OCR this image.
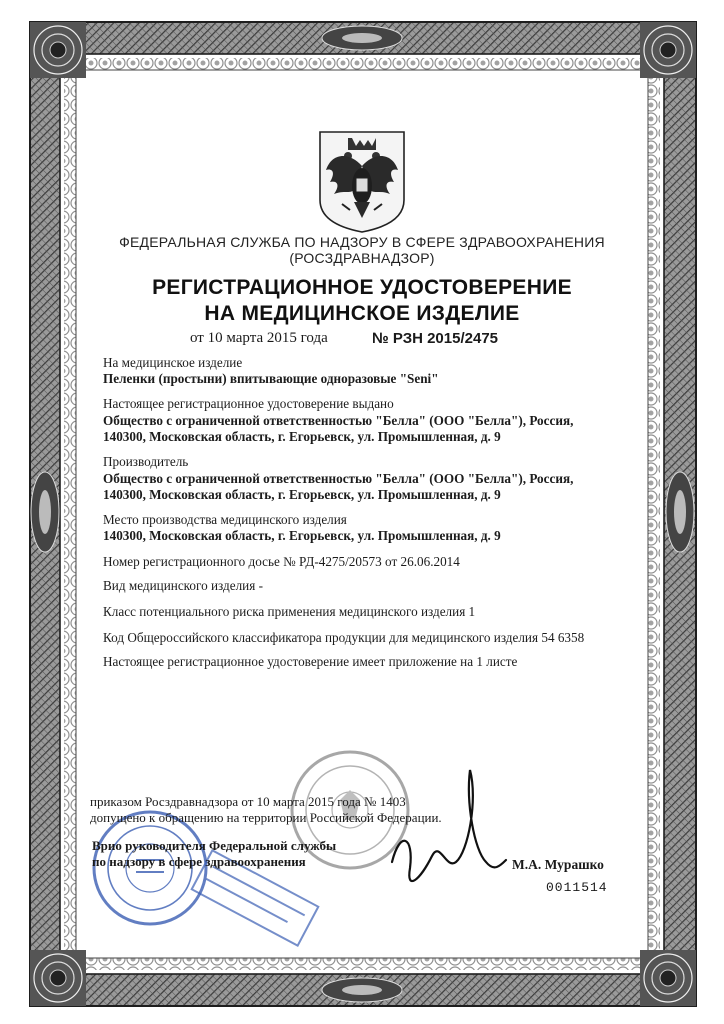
ФЕДЕРАЛЬНАЯ СЛУЖБА ПО НАДЗОРУ В СФЕРЕ ЗДРАВООХРАНЕНИЯ
(РОСЗДРАВНАДЗОР)
РЕГИСТРАЦИОННОЕ УДОСТОВЕРЕНИЕ
НА МЕДИЦИНСКОЕ ИЗДЕЛИЕ
от 10 марта 2015 года	№ РЗН 2015/2475
На медицинское изделие
Пеленки (простыни) впитывающие одноразовые "Seni"
Настоящее регистрационное удостоверение выдано
Общество с ограниченной ответственностью "Белла" (ООО "Белла"), Россия,
140300, Московская область, г. Егорьевск, ул. Промышленная, д. 9
Производитель
Общество с ограниченной ответственностью "Белла" (ООО "Белла"), Россия,
140300, Московская область, г. Егорьевск, ул. Промышленная, д. 9
Место производства медицинского изделия
140300, Московская область, г. Егорьевск, ул. Промышленная, д. 9
Номер регистрационного досье № РД-4275/20573 от 26.06.2014
Вид медицинского изделия -
Класс потенциального риска применения медицинского изделия 1
Код Общероссийского классификатора продукции для медицинского изделия 54 6358
Настоящее регистрационное удостоверение имеет приложение на 1 листе
приказом Росздравнадзора от 10 марта 2015 года № 1403
допущено к обращению на территории Российской Федерации.
Врио руководителя Федеральной службы
по надзору в сфере здравоохранения	М.А. Мурашко
0011514
